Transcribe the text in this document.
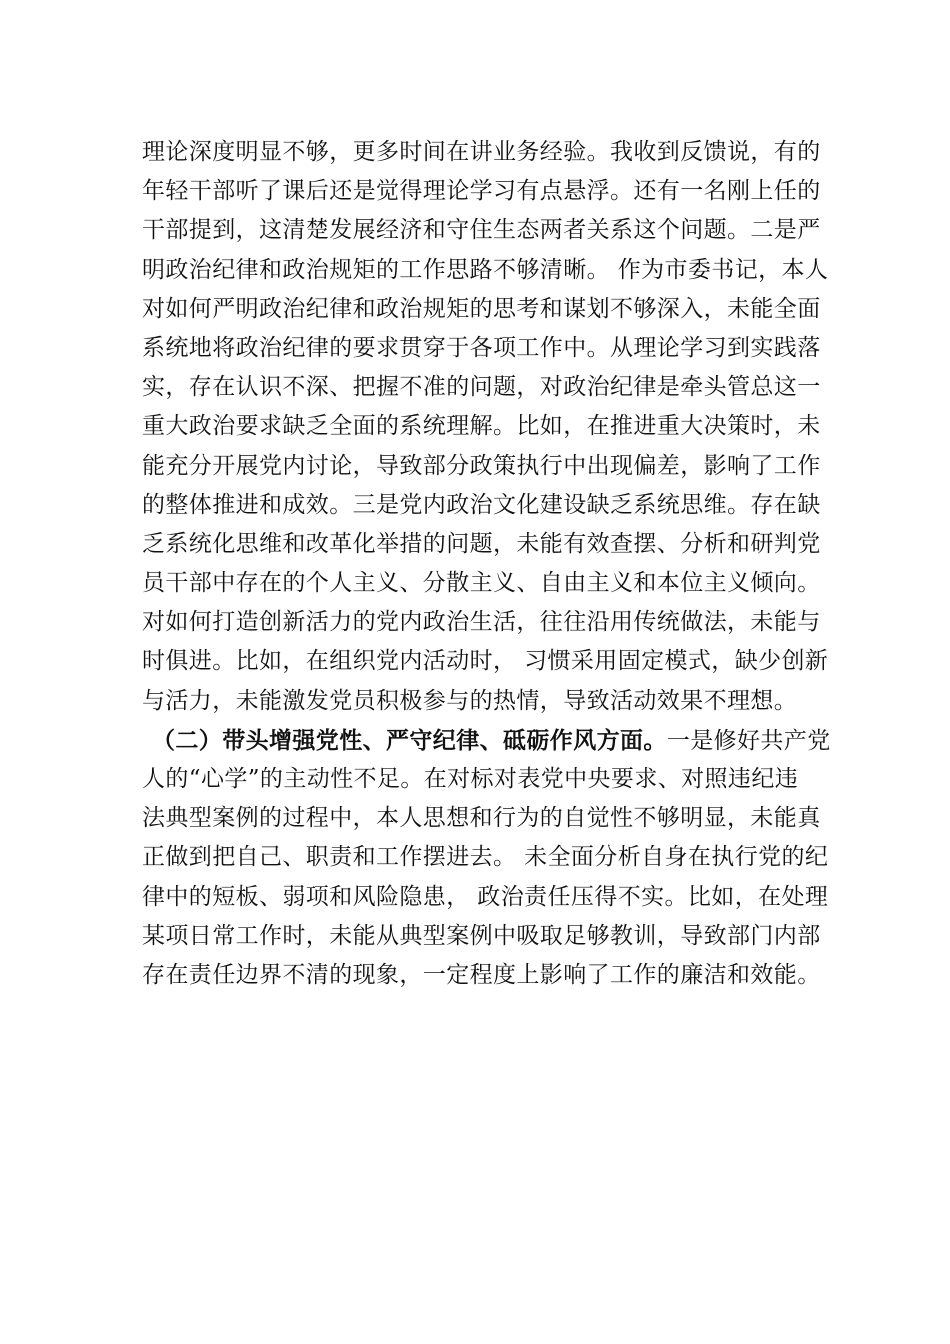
理论深度明显不够，更多时间在讲业务经验。我收到反馈说，有的
年轻干部听了课后还是觉得理论学习有点悬浮。还有一名刚上任的
干部提到，这清楚发展经济和守住生态两者关系这个问题。二是严
明政治纪律和政治规矩的工作思路不够清晰。 作为市委书记，本人
对如何严明政治纪律和政治规矩的思考和谋划不够深入，未能全面
系统地将政治纪律的要求贯穿于各项工作中。从理论学习到实践落
实，存在认识不深、把握不准的问题，对政治纪律是牵头管总这一
重大政治要求缺乏全面的系统理解。比如，在推进重大决策时，未
能充分开展党内讨论，导致部分政策执行中出现偏差，影响了工作
的整体推进和成效。三是党内政治文化建设缺乏系统思维。存在缺
乏系统化思维和改革化举措的问题，未能有效查摆、分析和研判党
员干部中存在的个人主义、分散主义、自由主义和本位主义倾向。
对如何打造创新活力的党内政治生活，往往沿用传统做法，未能与
时俱进。比如，在组织党内活动时， 习惯采用固定模式，缺少创新
与活力，未能激发党员积极参与的热情，导致活动效果不理想。
（二）带头增强党性、严守纪律、砥砺作风方面。一是修好共产党
人的“心学”的主动性不足。在对标对表党中央要求、对照违纪违
法典型案例的过程中，本人思想和行为的自觉性不够明显，未能真
正做到把自己、职责和工作摆进去。 未全面分析自身在执行党的纪
律中的短板、弱项和风险隐患， 政治责任压得不实。比如，在处理
某项日常工作时，未能从典型案例中吸取足够教训，导致部门内部
存在责任边界不清的现象，一定程度上影响了工作的廉洁和效能。
